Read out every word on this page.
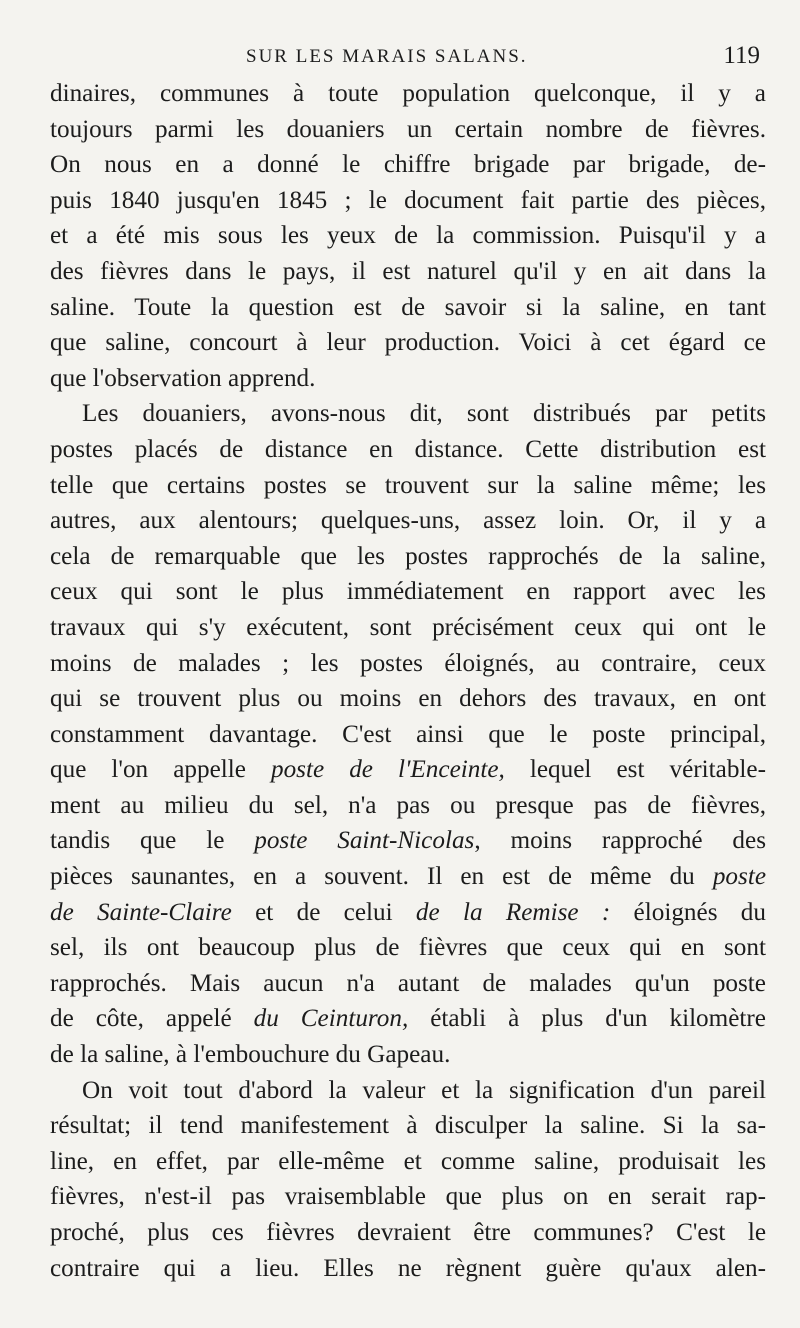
SUR LES MARAIS SALANS.	119

dinaires, communes à toute population quelconque, il y a
toujours parmi les douaniers un certain nombre de fièvres.
On nous en a donné le chiffre brigade par brigade, de-
puis 1840 jusqu'en 1845 ; le document fait partie des pièces,
et a été mis sous les yeux de la commission. Puisqu'il y a
des fièvres dans le pays, il est naturel qu'il y en ait dans la
saline. Toute la question est de savoir si la saline, en tant
que saline, concourt à leur production. Voici à cet égard ce
que l'observation apprend.

Les douaniers, avons-nous dit, sont distribués par petits
postes placés de distance en distance. Cette distribution est
telle que certains postes se trouvent sur la saline même; les
autres, aux alentours; quelques-uns, assez loin. Or, il y a
cela de remarquable que les postes rapprochés de la saline,
ceux qui sont le plus immédiatement en rapport avec les
travaux qui s'y exécutent, sont précisément ceux qui ont le
moins de malades ; les postes éloignés, au contraire, ceux
qui se trouvent plus ou moins en dehors des travaux, en ont
constamment davantage. C'est ainsi que le poste principal,
que l'on appelle poste de l'Enceinte, lequel est véritable-
ment au milieu du sel, n'a pas ou presque pas de fièvres,
tandis que le poste Saint-Nicolas, moins rapproché des
pièces saunantes, en a souvent. Il en est de même du poste
de Sainte-Claire et de celui de la Remise : éloignés du
sel, ils ont beaucoup plus de fièvres que ceux qui en sont
rapprochés. Mais aucun n'a autant de malades qu'un poste
de côte, appelé du Ceinturon, établi à plus d'un kilomètre
de la saline, à l'embouchure du Gapeau.

On voit tout d'abord la valeur et la signification d'un pareil
résultat; il tend manifestement à disculper la saline. Si la sa-
line, en effet, par elle-même et comme saline, produisait les
fièvres, n'est-il pas vraisemblable que plus on en serait rap-
proché, plus ces fièvres devraient être communes? C'est le
contraire qui a lieu. Elles ne règnent guère qu'aux alen-
